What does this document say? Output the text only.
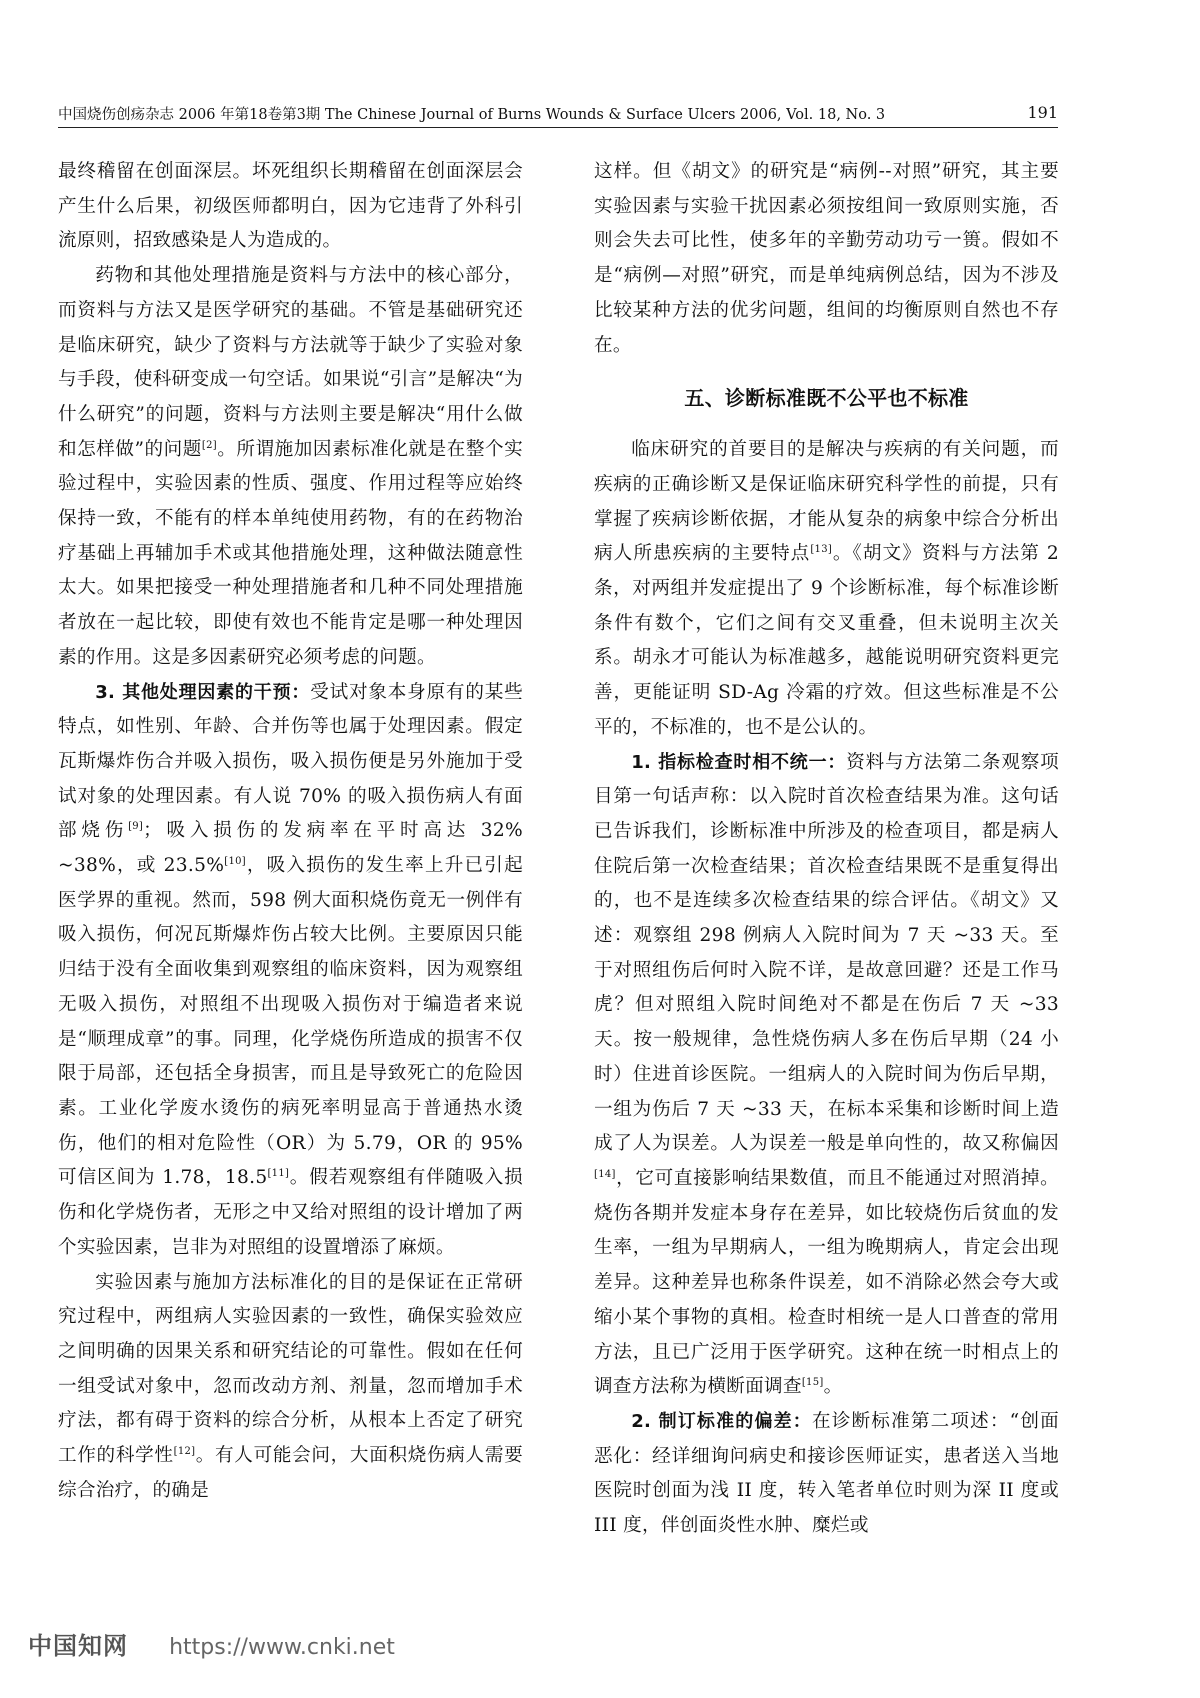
中国烧伤创疡杂志 2006 年第18卷第3期 The Chinese Journal of Burns Wounds & Surface Ulcers 2006, Vol. 18, No. 3	191

最终稽留在创面深层。坏死组织长期稽留在创面深层会产生什么后果，初级医师都明白，因为它违背了外科引流原则，招致感染是人为造成的。

药物和其他处理措施是资料与方法中的核心部分，而资料与方法又是医学研究的基础。不管是基础研究还是临床研究，缺少了资料与方法就等于缺少了实验对象与手段，使科研变成一句空话。如果说“引言”是解决“为什么研究”的问题，资料与方法则主要是解决“用什么做和怎样做”的问题[2]。所谓施加因素标准化就是在整个实验过程中，实验因素的性质、强度、作用过程等应始终保持一致，不能有的样本单纯使用药物，有的在药物治疗基础上再辅加手术或其他措施处理，这种做法随意性太大。如果把接受一种处理措施者和几种不同处理措施者放在一起比较，即使有效也不能肯定是哪一种处理因素的作用。这是多因素研究必须考虑的问题。

3. 其他处理因素的干预：受试对象本身原有的某些特点，如性别、年龄、合并伤等也属于处理因素。假定瓦斯爆炸伤合并吸入损伤，吸入损伤便是另外施加于受试对象的处理因素。有人说 70% 的吸入损伤病人有面部烧伤[9]；吸入损伤的发病率在平时高达 32% ~38%，或 23.5%[10]，吸入损伤的发生率上升已引起医学界的重视。然而，598 例大面积烧伤竟无一例伴有吸入损伤，何况瓦斯爆炸伤占较大比例。主要原因只能归结于没有全面收集到观察组的临床资料，因为观察组无吸入损伤，对照组不出现吸入损伤对于编造者来说是“顺理成章”的事。同理，化学烧伤所造成的损害不仅限于局部，还包括全身损害，而且是导致死亡的危险因素。工业化学废水烫伤的病死率明显高于普通热水烫伤，他们的相对危险性（OR）为 5.79，OR 的 95% 可信区间为 1.78，18.5[11]。假若观察组有伴随吸入损伤和化学烧伤者，无形之中又给对照组的设计增加了两个实验因素，岂非为对照组的设置增添了麻烦。

实验因素与施加方法标准化的目的是保证在正常研究过程中，两组病人实验因素的一致性，确保实验效应之间明确的因果关系和研究结论的可靠性。假如在任何一组受试对象中，忽而改动方剂、剂量，忽而增加手术疗法，都有碍于资料的综合分析，从根本上否定了研究工作的科学性[12]。有人可能会问，大面积烧伤病人需要综合治疗，的确是

这样。但《胡文》的研究是“病例--对照”研究，其主要实验因素与实验干扰因素必须按组间一致原则实施，否则会失去可比性，使多年的辛勤劳动功亏一篑。假如不是“病例—对照”研究，而是单纯病例总结，因为不涉及比较某种方法的优劣问题，组间的均衡原则自然也不存在。

五、诊断标准既不公平也不标准

临床研究的首要目的是解决与疾病的有关问题，而疾病的正确诊断又是保证临床研究科学性的前提，只有掌握了疾病诊断依据，才能从复杂的病象中综合分析出病人所患疾病的主要特点[13]。《胡文》资料与方法第 2 条，对两组并发症提出了 9 个诊断标准，每个标准诊断条件有数个，它们之间有交叉重叠，但未说明主次关系。胡永才可能认为标准越多，越能说明研究资料更完善，更能证明 SD-Ag 冷霜的疗效。但这些标准是不公平的，不标准的，也不是公认的。

1. 指标检查时相不统一：资料与方法第二条观察项目第一句话声称：以入院时首次检查结果为准。这句话已告诉我们，诊断标准中所涉及的检查项目，都是病人住院后第一次检查结果；首次检查结果既不是重复得出的，也不是连续多次检查结果的综合评估。《胡文》又述：观察组 298 例病人入院时间为 7 天 ~33 天。至于对照组伤后何时入院不详，是故意回避？还是工作马虎？但对照组入院时间绝对不都是在伤后 7 天 ~33 天。按一般规律，急性烧伤病人多在伤后早期（24 小时）住进首诊医院。一组病人的入院时间为伤后早期，一组为伤后 7 天 ~33 天，在标本采集和诊断时间上造成了人为误差。人为误差一般是单向性的，故又称偏因[14]，它可直接影响结果数值，而且不能通过对照消掉。烧伤各期并发症本身存在差异，如比较烧伤后贫血的发生率，一组为早期病人，一组为晚期病人，肯定会出现差异。这种差异也称条件误差，如不消除必然会夸大或缩小某个事物的真相。检查时相统一是人口普查的常用方法，且已广泛用于医学研究。这种在统一时相点上的调查方法称为横断面调查[15]。

2. 制订标准的偏差：在诊断标准第二项述：“创面恶化：经详细询问病史和接诊医师证实，患者送入当地医院时创面为浅 II 度，转入笔者单位时则为深 II 度或 III 度，伴创面炎性水肿、糜烂或

中国知网 https://www.cnki.net
